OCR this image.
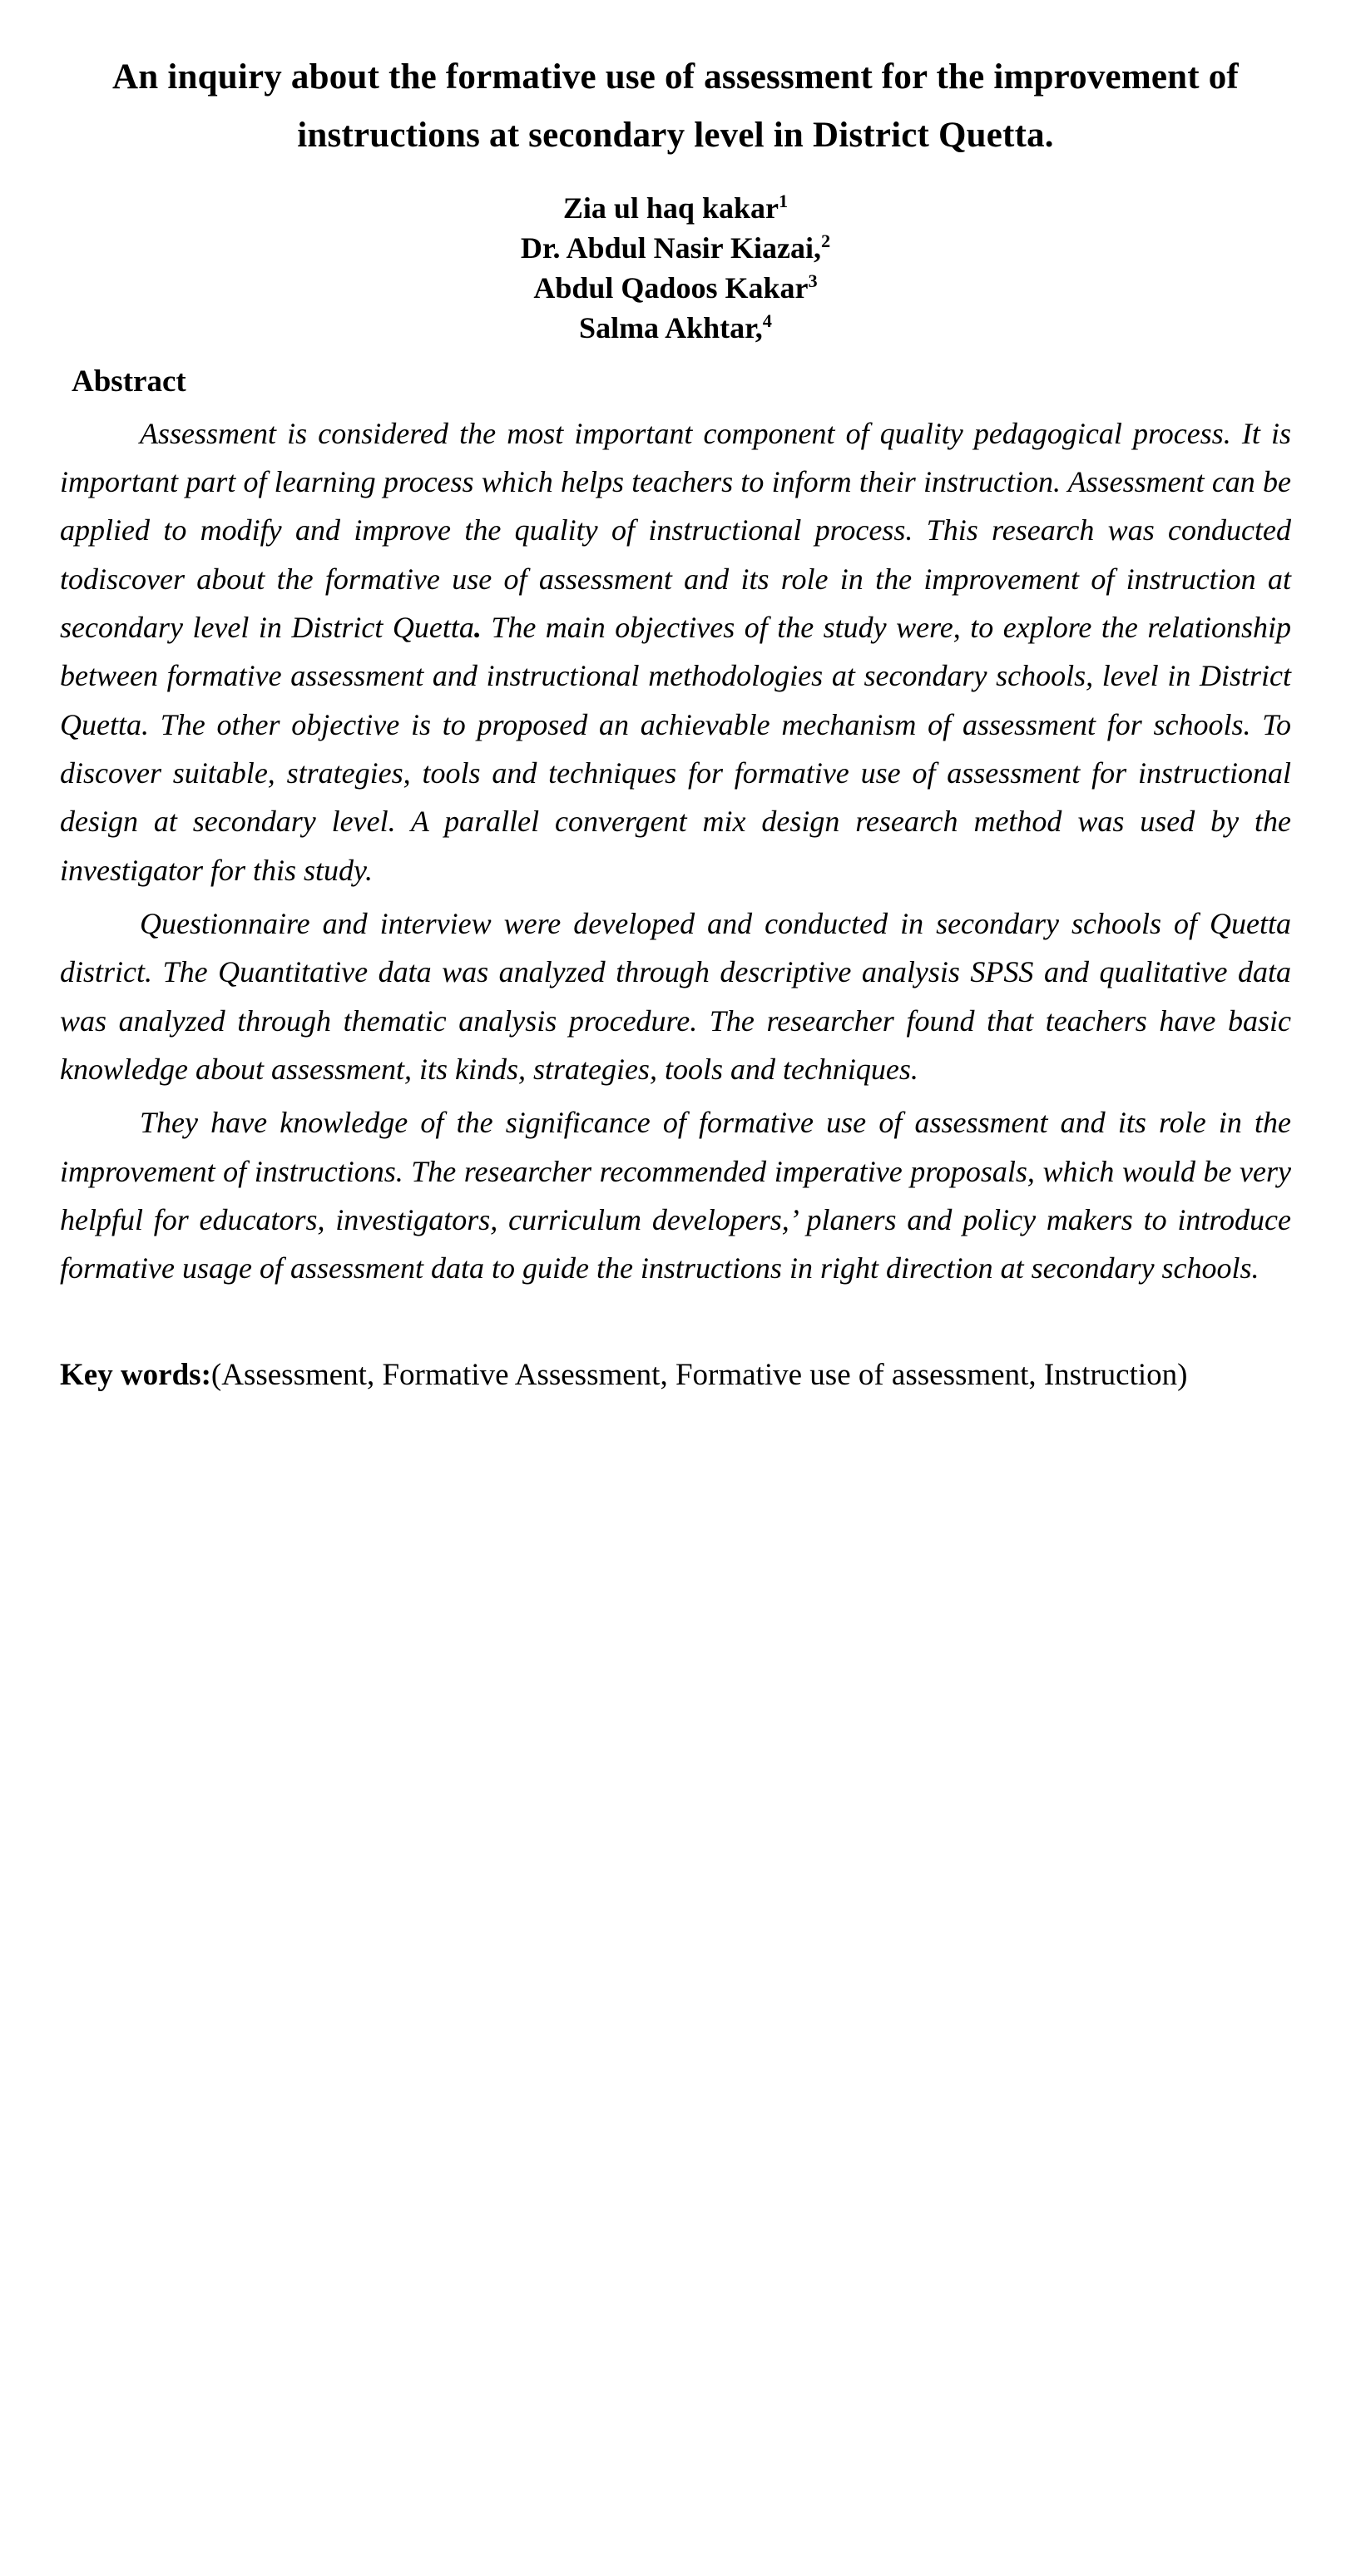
An inquiry about the formative use of assessment for the improvement of instructions at secondary level in District Quetta.
Zia ul haq kakar$^1$
Dr. Abdul Nasir Kiazai,$^2$
Abdul Qadoos Kakar$^3$
Salma Akhtar,$^4$
Abstract

Assessment is considered the most important component of quality pedagogical process. It is important part of learning process which helps teachers to inform their instruction. Assessment can be applied to modify and improve the quality of instructional process. This research was conducted todiscover about the formative use of assessment and its role in the improvement of instruction at secondary level in District Quetta. The main objectives of the study were, to explore the relationship between formative assessment and instructional methodologies at secondary schools, level in District Quetta. The other objective is to proposed an achievable mechanism of assessment for schools. To discover suitable, strategies, tools and techniques for formative use of assessment for instructional design at secondary level. A parallel convergent mix design research method was used by the investigator for this study.

Questionnaire and interview were developed and conducted in secondary schools of Quetta district. The Quantitative data was analyzed through descriptive analysis SPSS and qualitative data was analyzed through thematic analysis procedure. The researcher found that teachers have basic knowledge about assessment, its kinds, strategies, tools and techniques.

They have knowledge of the significance of formative use of assessment and its role in the improvement of instructions. The researcher recommended imperative proposals, which would be very helpful for educators, investigators, curriculum developers,’ planers and policy makers to introduce formative usage of assessment data to guide the instructions in right direction at secondary schools.

Key words:(Assessment, Formative Assessment, Formative use of assessment, Instruction)
